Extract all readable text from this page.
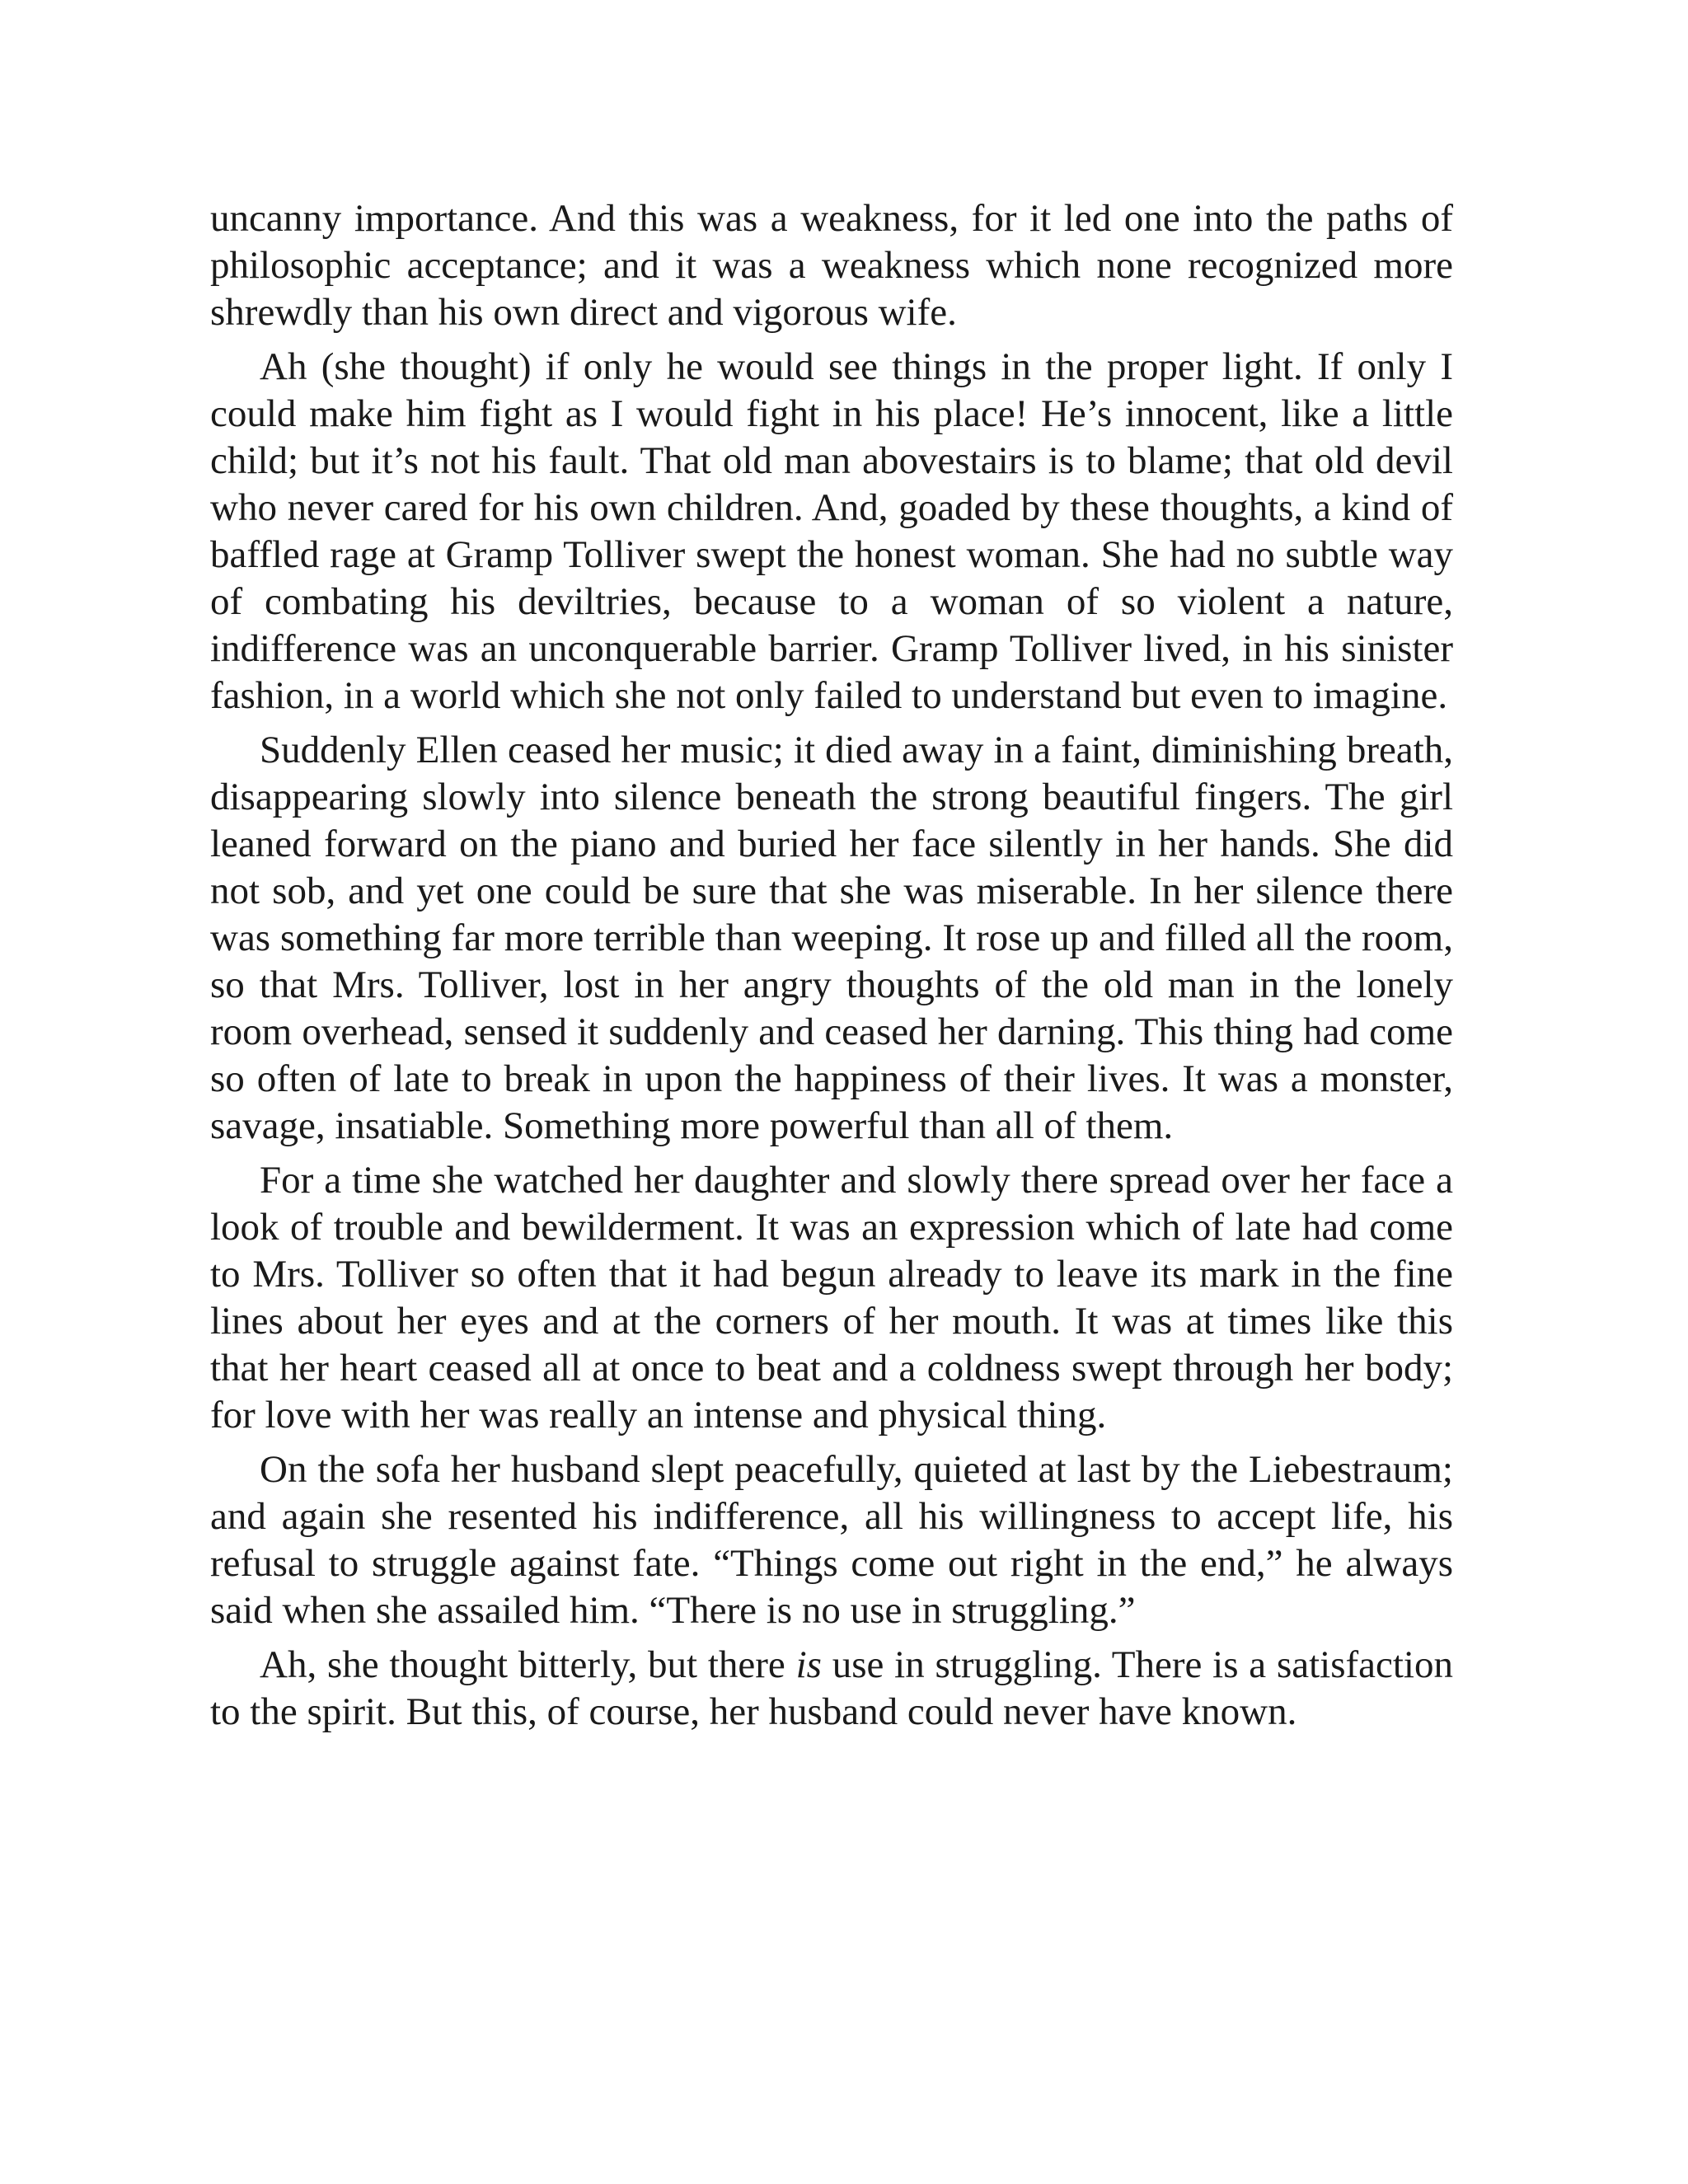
uncanny importance. And this was a weakness, for it led one into the paths of philosophic acceptance; and it was a weakness which none recognized more shrewdly than his own direct and vigorous wife.

Ah (she thought) if only he would see things in the proper light. If only I could make him fight as I would fight in his place! He’s innocent, like a little child; but it’s not his fault. That old man abovestairs is to blame; that old devil who never cared for his own children. And, goaded by these thoughts, a kind of baffled rage at Gramp Tolliver swept the honest woman. She had no subtle way of combating his deviltries, because to a woman of so violent a nature, indifference was an unconquerable barrier. Gramp Tolliver lived, in his sinister fashion, in a world which she not only failed to understand but even to imagine.

Suddenly Ellen ceased her music; it died away in a faint, diminishing breath, disappearing slowly into silence beneath the strong beautiful fingers. The girl leaned forward on the piano and buried her face silently in her hands. She did not sob, and yet one could be sure that she was miserable. In her silence there was something far more terrible than weeping. It rose up and filled all the room, so that Mrs. Tolliver, lost in her angry thoughts of the old man in the lonely room overhead, sensed it suddenly and ceased her darning. This thing had come so often of late to break in upon the happiness of their lives. It was a monster, savage, insatiable. Something more powerful than all of them.

For a time she watched her daughter and slowly there spread over her face a look of trouble and bewilderment. It was an expression which of late had come to Mrs. Tolliver so often that it had begun already to leave its mark in the fine lines about her eyes and at the corners of her mouth. It was at times like this that her heart ceased all at once to beat and a coldness swept through her body; for love with her was really an intense and physical thing.

On the sofa her husband slept peacefully, quieted at last by the Liebestraum; and again she resented his indifference, all his willingness to accept life, his refusal to struggle against fate. “Things come out right in the end,” he always said when she assailed him. “There is no use in struggling.”

Ah, she thought bitterly, but there is use in struggling. There is a satisfaction to the spirit. But this, of course, her husband could never have known.
